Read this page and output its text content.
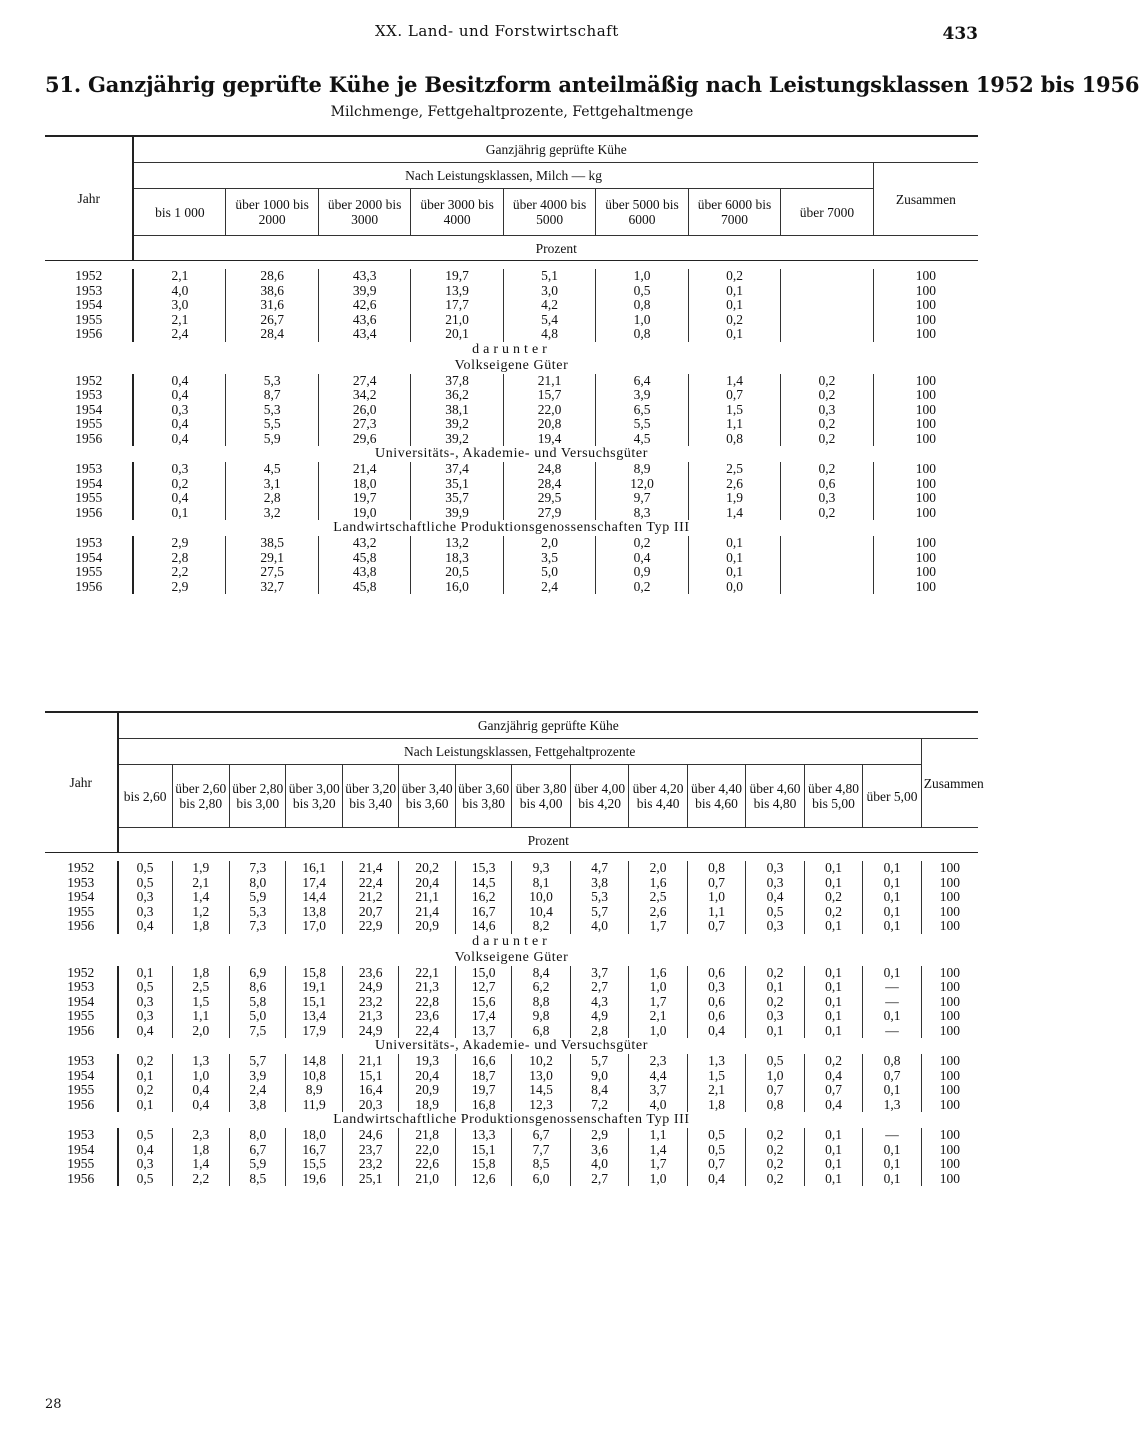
XX. Land- und Forstwirtschaft	433
51. Ganzjährig geprüfte Kühe je Besitzform anteilmäßig nach Leistungsklassen 1952 bis 1956
Milchmenge, Fettgehaltprozente, Fettgehaltmenge
Jahr	Ganzjährig geprüfte Kühe								
	Nach Leistungsklassen, Milch — kg								Zusammen
	bis 1 000	über 1000 bis 2000	über 2000 bis 3000	über 3000 bis 4000	über 4000 bis 5000	über 5000 bis 6000	über 6000 bis 7000	über 7000	
	Prozent								

1952	2,1	28,6	43,3	19,7	5,1	1,0	0,2		100
1953	4,0	38,6	39,9	13,9	3,0	0,5	0,1		100
1954	3,0	31,6	42,6	17,7	4,2	0,8	0,1		100
1955	2,1	26,7	43,6	21,0	5,4	1,0	0,2		100
1956	2,4	28,4	43,4	20,1	4,8	0,8	0,1		100
darunter									
Volkseigene Güter									
1952	0,4	5,3	27,4	37,8	21,1	6,4	1,4	0,2	100
1953	0,4	8,7	34,2	36,2	15,7	3,9	0,7	0,2	100
1954	0,3	5,3	26,0	38,1	22,0	6,5	1,5	0,3	100
1955	0,4	5,5	27,3	39,2	20,8	5,5	1,1	0,2	100
1956	0,4	5,9	29,6	39,2	19,4	4,5	0,8	0,2	100
Universitäts-, Akademie- und Versuchsgüter									
1953	0,3	4,5	21,4	37,4	24,8	8,9	2,5	0,2	100
1954	0,2	3,1	18,0	35,1	28,4	12,0	2,6	0,6	100
1955	0,4	2,8	19,7	35,7	29,5	9,7	1,9	0,3	100
1956	0,1	3,2	19,0	39,9	27,9	8,3	1,4	0,2	100
Landwirtschaftliche Produktionsgenossenschaften Typ III									
1953	2,9	38,5	43,2	13,2	2,0	0,2	0,1		100
1954	2,8	29,1	45,8	18,3	3,5	0,4	0,1		100
1955	2,2	27,5	43,8	20,5	5,0	0,9	0,1		100
1956	2,9	32,7	45,8	16,0	2,4	0,2	0,0		100
Jahr	Ganzjährig geprüfte Kühe														
	Nach Leistungsklassen, Fettgehaltprozente														Zusammen
	bis 2,60	über 2,60 bis 2,80	über 2,80 bis 3,00	über 3,00 bis 3,20	über 3,20 bis 3,40	über 3,40 bis 3,60	über 3,60 bis 3,80	über 3,80 bis 4,00	über 4,00 bis 4,20	über 4,20 bis 4,40	über 4,40 bis 4,60	über 4,60 bis 4,80	über 4,80 bis 5,00	über 5,00	
	Prozent														

1952	0,5	1,9	7,3	16,1	21,4	20,2	15,3	9,3	4,7	2,0	0,8	0,3	0,1	0,1	100
1953	0,5	2,1	8,0	17,4	22,4	20,4	14,5	8,1	3,8	1,6	0,7	0,3	0,1	0,1	100
1954	0,3	1,4	5,9	14,4	21,2	21,1	16,2	10,0	5,3	2,5	1,0	0,4	0,2	0,1	100
1955	0,3	1,2	5,3	13,8	20,7	21,4	16,7	10,4	5,7	2,6	1,1	0,5	0,2	0,1	100
1956	0,4	1,8	7,3	17,0	22,9	20,9	14,6	8,2	4,0	1,7	0,7	0,3	0,1	0,1	100
darunter															
Volkseigene Güter															
1952	0,1	1,8	6,9	15,8	23,6	22,1	15,0	8,4	3,7	1,6	0,6	0,2	0,1	0,1	100
1953	0,5	2,5	8,6	19,1	24,9	21,3	12,7	6,2	2,7	1,0	0,3	0,1	0,1	—	100
1954	0,3	1,5	5,8	15,1	23,2	22,8	15,6	8,8	4,3	1,7	0,6	0,2	0,1	—	100
1955	0,3	1,1	5,0	13,4	21,3	23,6	17,4	9,8	4,9	2,1	0,6	0,3	0,1	0,1	100
1956	0,4	2,0	7,5	17,9	24,9	22,4	13,7	6,8	2,8	1,0	0,4	0,1	0,1	—	100
Universitäts-, Akademie- und Versuchsgüter															
1953	0,2	1,3	5,7	14,8	21,1	19,3	16,6	10,2	5,7	2,3	1,3	0,5	0,2	0,8	100
1954	0,1	1,0	3,9	10,8	15,1	20,4	18,7	13,0	9,0	4,4	1,5	1,0	0,4	0,7	100
1955	0,2	0,4	2,4	8,9	16,4	20,9	19,7	14,5	8,4	3,7	2,1	0,7	0,7	0,1	100
1956	0,1	0,4	3,8	11,9	20,3	18,9	16,8	12,3	7,2	4,0	1,8	0,8	0,4	1,3	100
Landwirtschaftliche Produktionsgenossenschaften Typ III															
1953	0,5	2,3	8,0	18,0	24,6	21,8	13,3	6,7	2,9	1,1	0,5	0,2	0,1	—	100
1954	0,4	1,8	6,7	16,7	23,7	22,0	15,1	7,7	3,6	1,4	0,5	0,2	0,1	0,1	100
1955	0,3	1,4	5,9	15,5	23,2	22,6	15,8	8,5	4,0	1,7	0,7	0,2	0,1	0,1	100
1956	0,5	2,2	8,5	19,6	25,1	21,0	12,6	6,0	2,7	1,0	0,4	0,2	0,1	0,1	100
28
